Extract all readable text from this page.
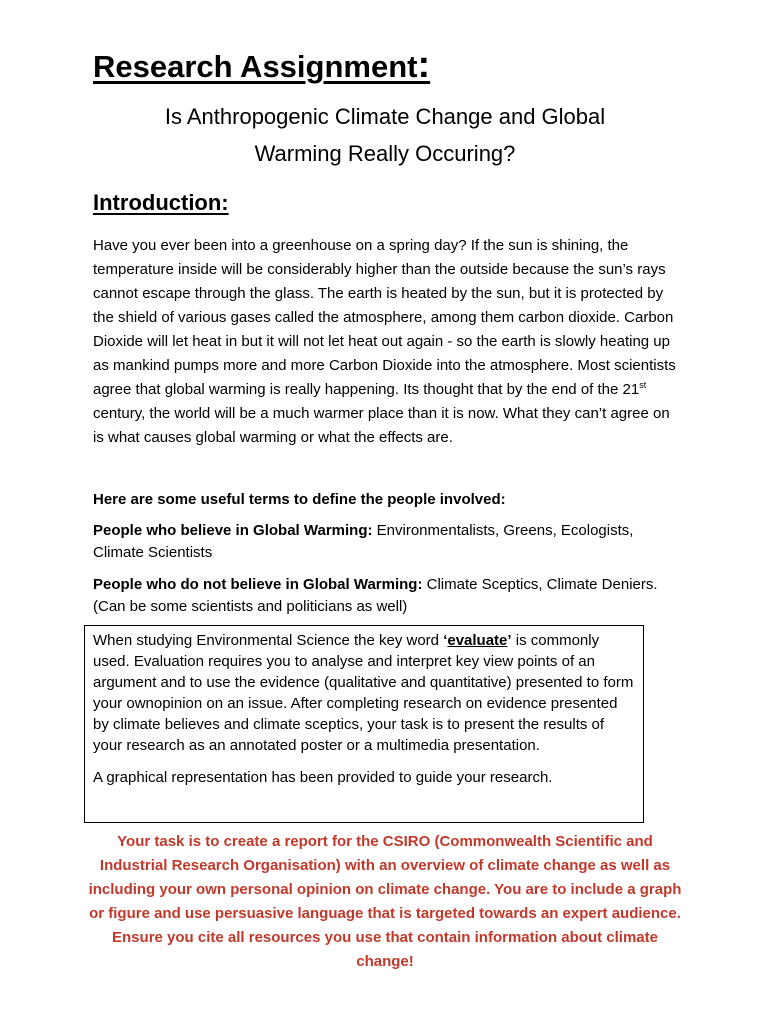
Research Assignment:
Is Anthropogenic Climate Change and Global
Warming Really Occuring?
Introduction:
Have you ever been into a greenhouse on a spring day? If the sun is shining, the temperature inside will be considerably higher than the outside because the sun’s rays cannot escape through the glass. The earth is heated by the sun, but it is protected by the shield of various gases called the atmosphere, among them carbon dioxide. Carbon Dioxide will let heat in but it will not let heat out again - so the earth is slowly heating up as mankind pumps more and more Carbon Dioxide into the atmosphere. Most scientists agree that global warming is really happening. Its thought that by the end of the 21st century, the world will be a much warmer place than it is now. What they can’t agree on is what causes global warming or what the effects are.
Here are some useful terms to define the people involved:
People who believe in Global Warming: Environmentalists, Greens, Ecologists, Climate Scientists
People who do not believe in Global Warming: Climate Sceptics, Climate Deniers. (Can be some scientists and politicians as well)

When studying Environmental Science the key word ‘evaluate’ is commonly used. Evaluation requires you to analyse and interpret key view points of an argument and to use the evidence (qualitative and quantitative) presented to form your ownopinion on an issue. After completing research on evidence presented by climate believes and climate sceptics, your task is to present the results of your research as an annotated poster or a multimedia presentation.

A graphical representation has been provided to guide your research.

Your task is to create a report for the CSIRO (Commonwealth Scientific and Industrial Research Organisation) with an overview of climate change as well as including your own personal opinion on climate change. You are to include a graph or figure and use persuasive language that is targeted towards an expert audience. Ensure you cite all resources you use that contain information about climate change!
